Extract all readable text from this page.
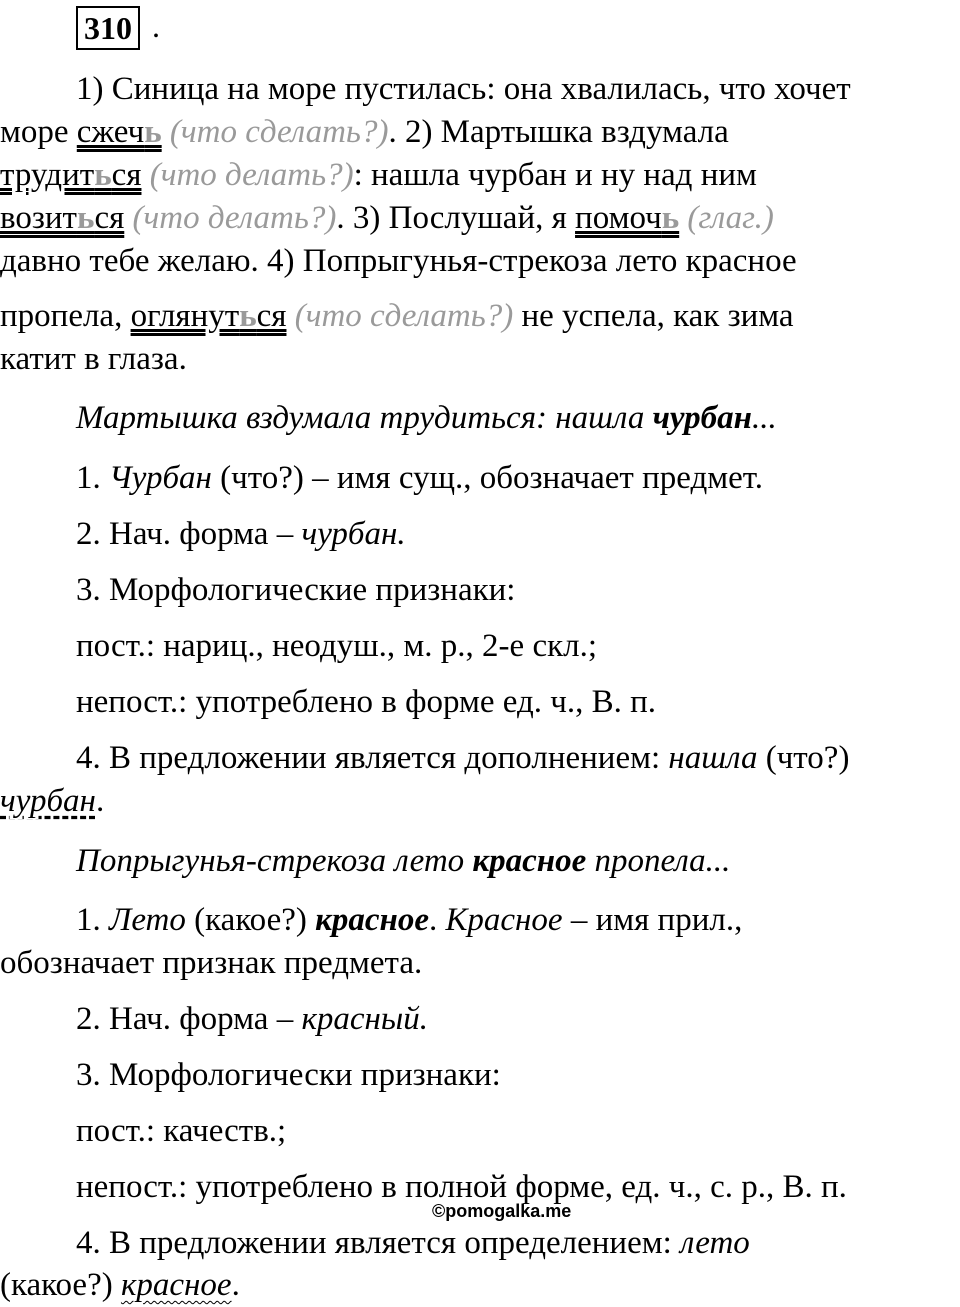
310 .
1) Синица на море пустилась: она хвалилась, что хочет
море сжечь (что сделать?). 2) Мартышка вздумала
трудиться (что делать?): нашла чурбан и ну над ним
возиться (что делать?). 3) Послушай, я помочь (глаг.)
давно тебе желаю. 4) Попрыгунья-стрекоза лето красное
пропела, оглянуться (что сделать?) не успела, как зима
катит в глаза.
Мартышка вздумала трудиться: нашла чурбан...
1. Чурбан (что?) – имя сущ., обозначает предмет.
2. Нач. форма – чурбан.
3. Морфологические признаки:
пост.: нариц., неодуш., м. р., 2-е скл.;
непост.: употреблено в форме ед. ч., В. п.
4. В предложении является дополнением: нашла (что?)
чурбан.
Попрыгунья-стрекоза лето красное пропела...
1. Лето (какое?) красное. Красное – имя прил.,
обозначает признак предмета.
2. Нач. форма – красный.
3. Морфологически признаки:
пост.: качеств.;
непост.: употреблено в полной форме, ед. ч., с. р., В. п.
©pomogalka.me
4. В предложении является определением: лето
(какое?) красное.
